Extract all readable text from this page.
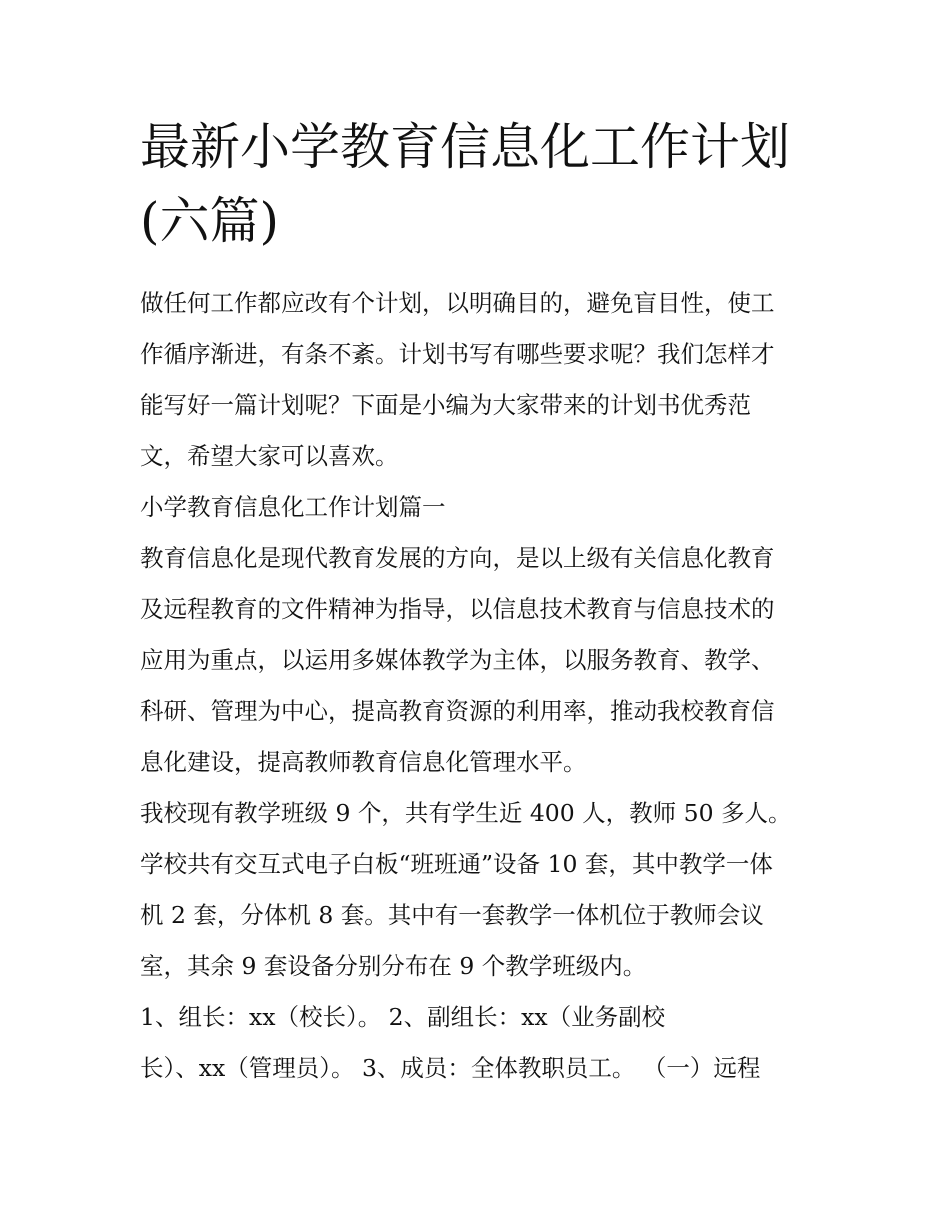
最新小学教育信息化工作计划
(六篇)
做任何工作都应改有个计划，以明确目的，避免盲目性，使工
作循序渐进，有条不紊。计划书写有哪些要求呢？我们怎样才
能写好一篇计划呢？下面是小编为大家带来的计划书优秀范
文，希望大家可以喜欢。
小学教育信息化工作计划篇一
教育信息化是现代教育发展的方向，是以上级有关信息化教育
及远程教育的文件精神为指导，以信息技术教育与信息技术的
应用为重点，以运用多媒体教学为主体，以服务教育、教学、
科研、管理为中心，提高教育资源的利用率，推动我校教育信
息化建设，提高教师教育信息化管理水平。
我校现有教学班级 9 个，共有学生近 400 人，教师 50 多人。
学校共有交互式电子白板“班班通”设备 10 套，其中教学一体
机 2 套，分体机 8 套。其中有一套教学一体机位于教师会议
室，其余 9 套设备分别分布在 9 个教学班级内。
1、组长：xx（校长）。 2、副组长：xx（业务副校
长）、xx（管理员）。 3、成员：全体教职员工。 （一）远程
